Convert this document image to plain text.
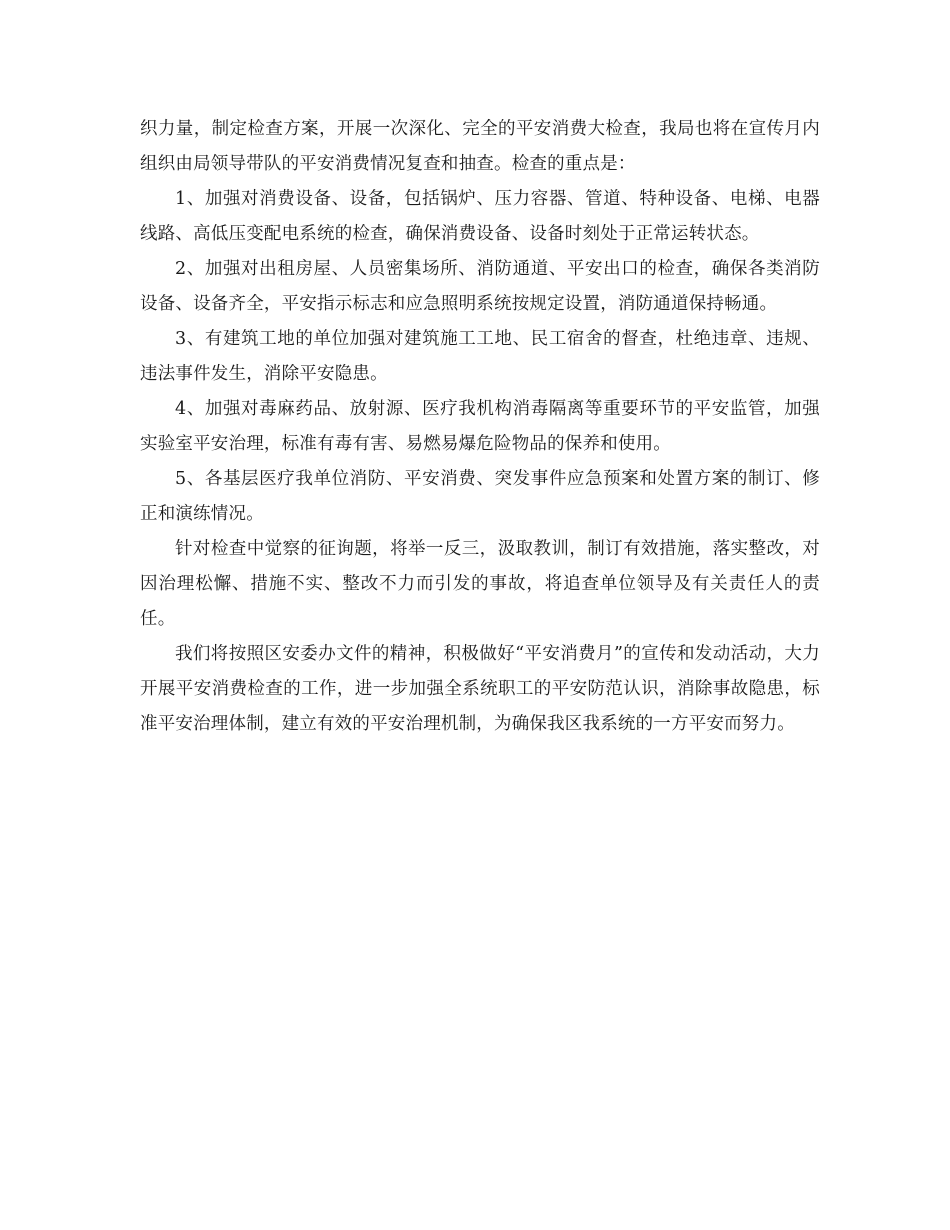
织力量，制定检查方案，开展一次深化、完全的平安消费大检查，我局也将在宣传月内组织由局领导带队的平安消费情况复查和抽查。检查的重点是：

1、加强对消费设备、设备，包括锅炉、压力容器、管道、特种设备、电梯、电器线路、高低压变配电系统的检查，确保消费设备、设备时刻处于正常运转状态。

2、加强对出租房屋、人员密集场所、消防通道、平安出口的检查，确保各类消防设备、设备齐全，平安指示标志和应急照明系统按规定设置，消防通道保持畅通。

3、有建筑工地的单位加强对建筑施工工地、民工宿舍的督查，杜绝违章、违规、违法事件发生，消除平安隐患。

4、加强对毒麻药品、放射源、医疗我机构消毒隔离等重要环节的平安监管，加强实验室平安治理，标准有毒有害、易燃易爆危险物品的保养和使用。

5、各基层医疗我单位消防、平安消费、突发事件应急预案和处置方案的制订、修正和演练情况。

针对检查中觉察的征询题，将举一反三，汲取教训，制订有效措施，落实整改，对因治理松懈、措施不实、整改不力而引发的事故，将追查单位领导及有关责任人的责任。

我们将按照区安委办文件的精神，积极做好“平安消费月”的宣传和发动活动，大力开展平安消费检查的工作，进一步加强全系统职工的平安防范认识，消除事故隐患，标准平安治理体制，建立有效的平安治理机制，为确保我区我系统的一方平安而努力。
